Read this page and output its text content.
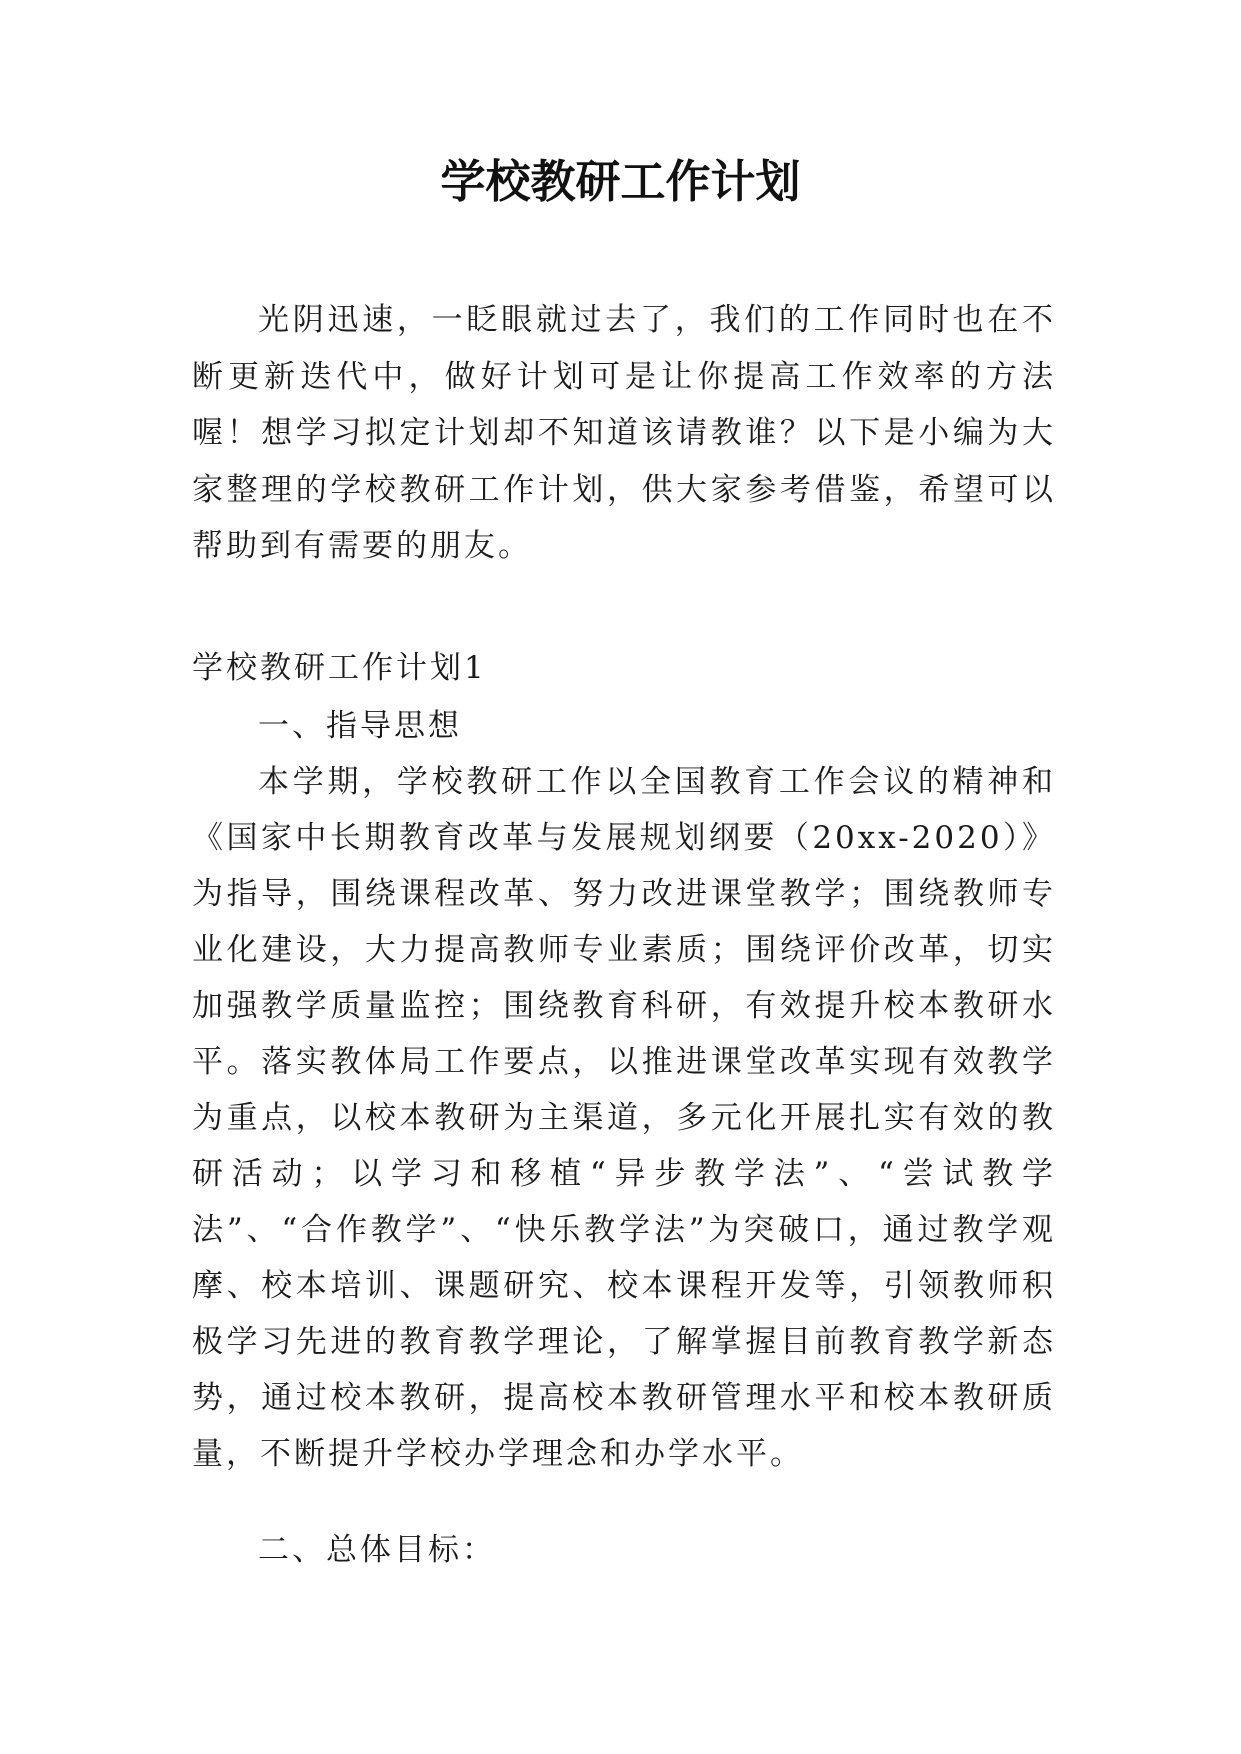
学校教研工作计划

光阴迅速，一眨眼就过去了，我们的工作同时也在不断更新迭代中，做好计划可是让你提高工作效率的方法喔！想学习拟定计划却不知道该请教谁？以下是小编为大家整理的学校教研工作计划，供大家参考借鉴，希望可以帮助到有需要的朋友。

学校教研工作计划1

一、指导思想

本学期，学校教研工作以全国教育工作会议的精神和《国家中长期教育改革与发展规划纲要（20xx-2020）》为指导，围绕课程改革、努力改进课堂教学；围绕教师专业化建设，大力提高教师专业素质；围绕评价改革，切实加强教学质量监控；围绕教育科研，有效提升校本教研水平。落实教体局工作要点，以推进课堂改革实现有效教学为重点，以校本教研为主渠道，多元化开展扎实有效的教研活动；以学习和移植“异步教学法”、“尝试教学法”、“合作教学”、“快乐教学法”为突破口，通过教学观摩、校本培训、课题研究、校本课程开发等，引领教师积极学习先进的教育教学理论，了解掌握目前教育教学新态势，通过校本教研，提高校本教研管理水平和校本教研质量，不断提升学校办学理念和办学水平。

二、总体目标：
